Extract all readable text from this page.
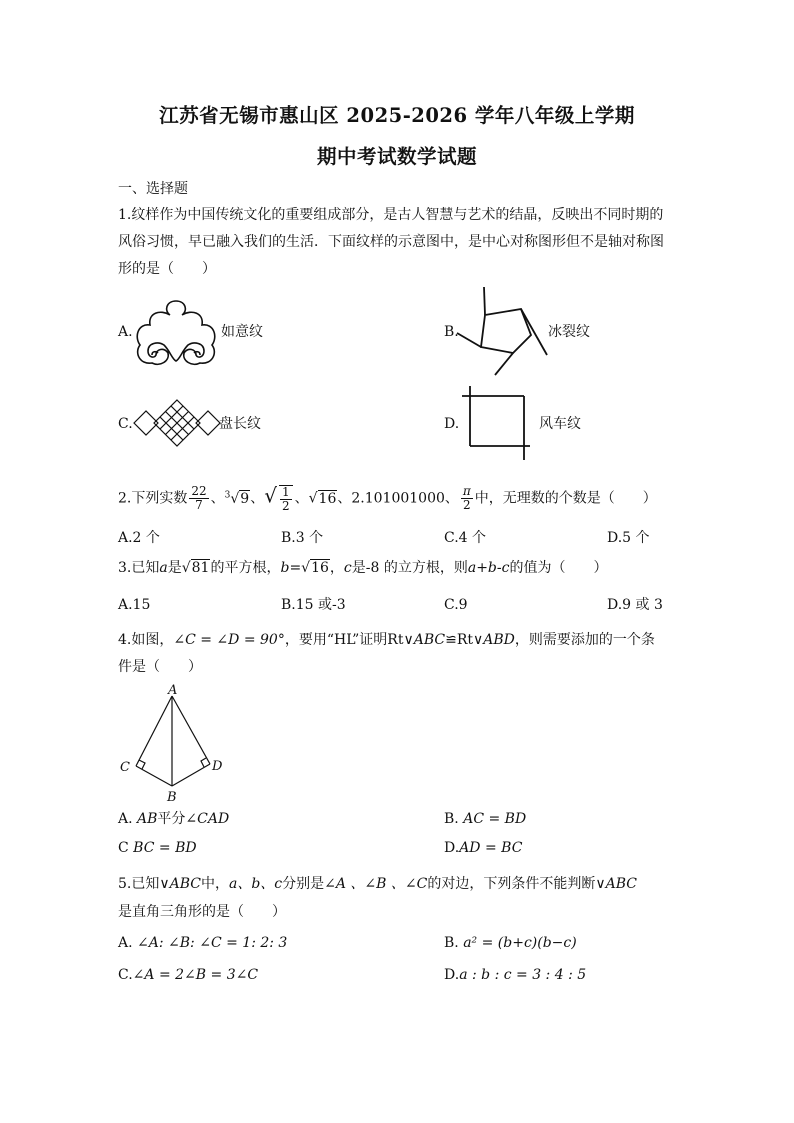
江苏省无锡市惠山区 2025-2026 学年八年级上学期
期中考试数学试题
一、选择题
1.纹样作为中国传统文化的重要组成部分，是古人智慧与艺术的结晶，反映出不同时期的
风俗习惯，早已融入我们的生活．下面纹样的示意图中，是中心对称图形但不是轴对称图
形的是（　　）
A.	如意纹	B.	冰裂纹
C.	盘长纹	D.	风车纹
2.下列实数 $\frac{22}{7}$ 、$^3$√9、√ $\frac{1}{2}$ 、√16、2.101001000、 $\frac{\pi}{2}$ 中，无理数的个数是（　　）
A.2 个	B.3 个	C.4 个	D.5 个
3.已知a是√81的平方根，b=√16，c是-8 的立方根，则a+b-c的值为（　　）
A.15	B.15 或-3	C.9	D.9 或 3
4.如图，∠C = ∠D = 90°，要用“HL”证明Rt∨ABC≌Rt∨ABD，则需要添加的一个条
件是（　　）
A
C	D
B
A. AB平分∠CAD	B. AC = BD
C BC = BD	D.AD = BC
5.已知∨ABC中，a、b、c分别是∠A 、∠B 、∠C的对边，下列条件不能判断∨ABC
是直角三角形的是（　　）
A. ∠A: ∠B: ∠C = 1: 2: 3	B. a² = (b+c)(b−c)
C.∠A = 2∠B = 3∠C	D.a : b : c = 3 : 4 : 5
